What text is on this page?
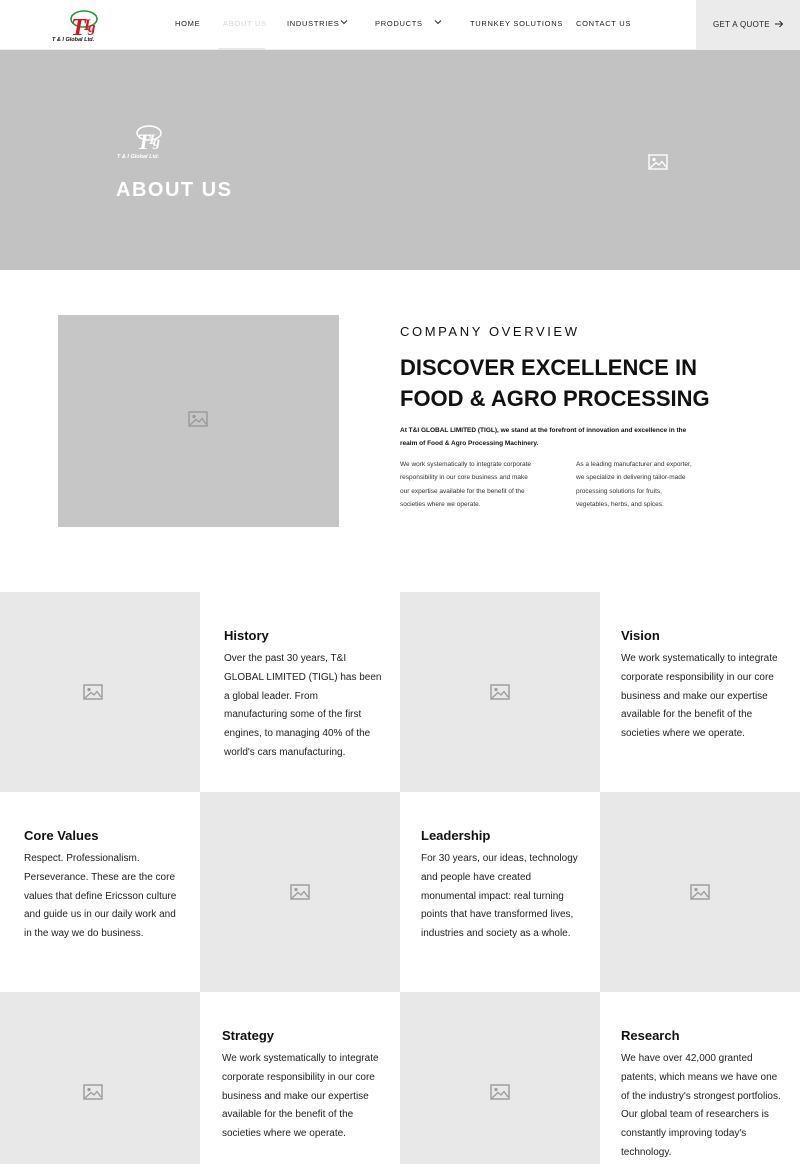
T
I
g
T & I Global Ltd.
HOME	ABOUT US	INDUSTRIES	PRODUCTS	TURNKEY SOLUTIONS CONTACT US	GET A QUOTE
T
I
g
T & I Global Ltd.
ABOUT US
COMPANY OVERVIEW
DISCOVER EXCELLENCE IN FOOD & AGRO PROCESSING

At T&I GLOBAL LIMITED (TIGL), we stand at the forefront of innovation and excellence in the realm of Food & Agro Processing Machinery.

We work systematically to integrate corporate responsibility in our core business and make our expertise available for the benefit of the societies where we operate.

As a leading manufacturer and exporter, we specialize in delivering tailor-made processing solutions for fruits, vegetables, herbs, and spices.

History

Over the past 30 years, T&I GLOBAL LIMITED (TIGL) has been a global leader. From manufacturing some of the first engines, to managing 40% of the world's cars manufacturing.

Vision

We work systematically to integrate corporate responsibility in our core business and make our expertise available for the benefit of the societies where we operate.

Core Values

Respect. Professionalism. Perseverance. These are the core values that define Ericsson culture and guide us in our daily work and in the way we do business.

Leadership

For 30 years, our ideas, technology and people have created monumental impact: real turning points that have transformed lives, industries and society as a whole.

Strategy

We work systematically to integrate corporate responsibility in our core business and make our expertise available for the benefit of the societies where we operate.

Research

We have over 42,000 granted patents, which means we have one of the industry's strongest portfolios. Our global team of researchers is constantly improving today's technology.
